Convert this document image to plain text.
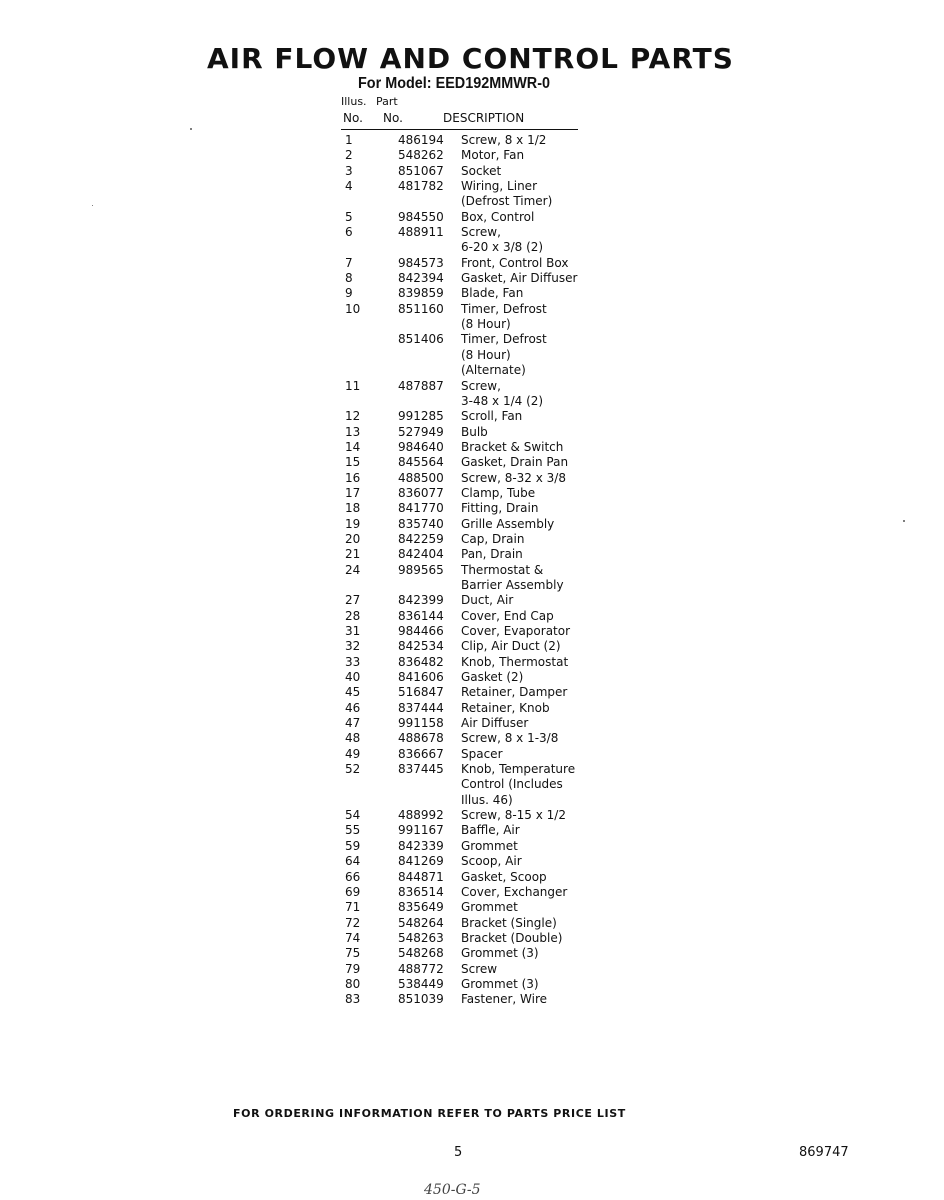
AIR FLOW AND CONTROL PARTS
For Model: EED192MMWR-0
Illus. Part
No. No.	DESCRIPTION
1	486194 Screw, 8 x 1/2
2	548262 Motor, Fan
3	851067 Socket
4	481782 Wiring, Liner
(Defrost Timer)
5	984550 Box, Control
6	488911 Screw,
6-20 x 3/8 (2)
7	984573 Front, Control Box
8	842394 Gasket, Air Diffuser
9	839859 Blade, Fan
10	851160 Timer, Defrost
(8 Hour)
851406 Timer, Defrost
(8 Hour)
(Alternate)
11	487887 Screw,
3-48 x 1/4 (2)
12	991285 Scroll, Fan
13	527949 Bulb
14	984640 Bracket & Switch
15	845564 Gasket, Drain Pan
16	488500 Screw, 8-32 x 3/8
17	836077 Clamp, Tube
18	841770 Fitting, Drain
19	835740 Grille Assembly
20	842259 Cap, Drain
21	842404 Pan, Drain
24	989565 Thermostat &
Barrier Assembly
27	842399 Duct, Air
28	836144 Cover, End Cap
31	984466 Cover, Evaporator
32	842534 Clip, Air Duct (2)
33	836482 Knob, Thermostat
40	841606 Gasket (2)
45	516847 Retainer, Damper
46	837444 Retainer, Knob
47	991158 Air Diffuser
48	488678 Screw, 8 x 1-3/8
49	836667 Spacer
52	837445 Knob, Temperature
Control (Includes
Illus. 46)
54	488992 Screw, 8-15 x 1/2
55	991167 Baffle, Air
59	842339 Grommet
64	841269 Scoop, Air
66	844871 Gasket, Scoop
69	836514 Cover, Exchanger
71	835649 Grommet
72	548264 Bracket (Single)
74	548263 Bracket (Double)
75	548268 Grommet (3)
79	488772 Screw
80	538449 Grommet (3)
83	851039 Fastener, Wire
FOR ORDERING INFORMATION REFER TO PARTS PRICE LIST
5	869747
450-G-5
